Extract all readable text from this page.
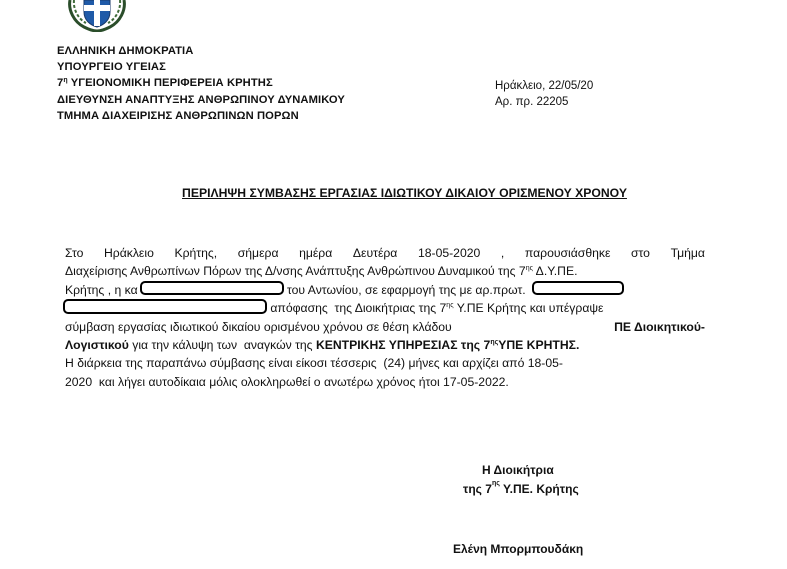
ΕΛΛΗΝΙΚΗ ΔΗΜΟΚΡΑΤΙΑ
ΥΠΟΥΡΓΕΙΟ ΥΓΕΙΑΣ
$7^\eta$ ΥΓΕΙΟΝΟΜΙΚΗ ΠΕΡΙΦΕΡΕΙΑ ΚΡΗΤΗΣ
ΔΙΕΥΘΥΝΣΗ ΑΝΑΠΤΥΞΗΣ ΑΝΘΡΩΠΙΝΟΥ ΔΥΝΑΜΙΚΟΥ
ΤΜΗΜΑ ΔΙΑΧΕΙΡΙΣΗΣ ΑΝΘΡΩΠΙΝΩΝ ΠΟΡΩΝ
Ηράκλειο, 22/05/20
Αρ. πρ. 22205
ΠΕΡΙΛΗΨΗ ΣΥΜΒΑΣΗΣ ΕΡΓΑΣΙΑΣ ΙΔΙΩΤΙΚΟΥ ΔΙΚΑΙΟΥ ΟΡΙΣΜΕΝΟΥ ΧΡΟΝΟΥ
Στο Ηράκλειο Κρήτης, σήμερα ημέρα Δευτέρα 18-05-2020 , παρουσιάσθηκε στο Τμήμα
Διαχείρισης Ανθρωπίνων Πόρων της Δ/νσης Ανάπτυξης Ανθρώπινου Δυναμικού της $7^{\eta\varsigma}$ Δ.Υ.ΠΕ.
Κρήτης , η κα	του Αντωνίου, σε εφαρμογή της με αρ.πρωτ.
απόφασης  της Διοικήτριας της $7^{\eta\varsigma}$ Υ.ΠΕ Κρήτης και υπέγραψε
σύμβαση εργασίας ιδιωτικού δικαίου ορισμένου χρόνου σε θέση κλάδου	ΠΕ Διοικητικού-
Λογιστικού για την κάλυψη των  αναγκών της ΚΕΝΤΡΙΚΗΣ ΥΠΗΡΕΣΙΑΣ της 7 $^{\eta\varsigma}$ ΥΠΕ ΚΡΗΤΗΣ.
Η διάρκεια της παραπάνω σύμβασης είναι είκοσι τέσσερις  (24) μήνες και αρχίζει από 18-05-
2020  και λήγει αυτοδίκαια μόλις ολοκληρωθεί ο ανωτέρω χρόνος ήτοι 17-05-2022.
Η Διοικήτρια
της $7^{\eta\varsigma}$ Υ.ΠΕ. Κρήτης
Ελένη Μπορμπουδάκη
